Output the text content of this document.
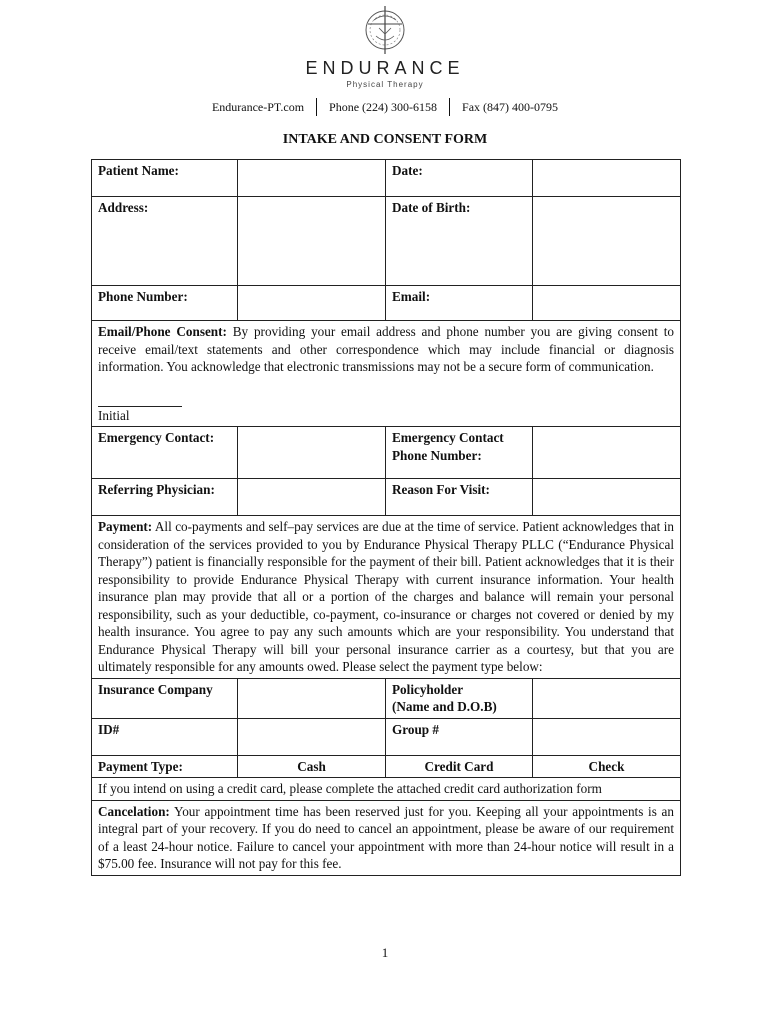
ENDURANCE
Physical Therapy
Endurance-PT.com Phone (224) 300-6158 Fax (847) 400-0795
INTAKE AND CONSENT FORM
Patient Name:		Date:	
Address:		Date of Birth:	
Phone Number:		Email:	
Email/Phone Consent: By providing your email address and phone number you are giving consent to receive email/text statements and other correspondence which may include financial or diagnosis information. You acknowledge that electronic transmissions may not be a secure form of communication.
Initial			
Emergency Contact:		Emergency Contact
Phone Number:	
Referring Physician:		Reason For Visit:	
Payment: All co-payments and self–pay services are due at the time of service. Patient acknowledges that in consideration of the services provided to you by Endurance Physical Therapy PLLC (“Endurance Physical Therapy”) patient is financially responsible for the payment of their bill. Patient acknowledges that it is their responsibility to provide Endurance Physical Therapy with current insurance information. Your health insurance plan may provide that all or a portion of the charges and balance will remain your personal responsibility, such as your deductible, co-payment, co-insurance or charges not covered or denied by my health insurance. You agree to pay any such amounts which are your responsibility. You understand that Endurance Physical Therapy will bill your personal insurance carrier as a courtesy, but that you are ultimately responsible for any amounts owed. Please select the payment type below:			
Insurance Company		Policyholder
(Name and D.O.B)	
ID#		Group #	
Payment Type:	Cash	Credit Card	Check
If you intend on using a credit card, please complete the attached credit card authorization form			
Cancelation: Your appointment time has been reserved just for you. Keeping all your appointments is an integral part of your recovery. If you do need to cancel an appointment, please be aware of our requirement of a least 24-hour notice. Failure to cancel your appointment with more than 24-hour notice will result in a $75.00 fee. Insurance will not pay for this fee.			
1
